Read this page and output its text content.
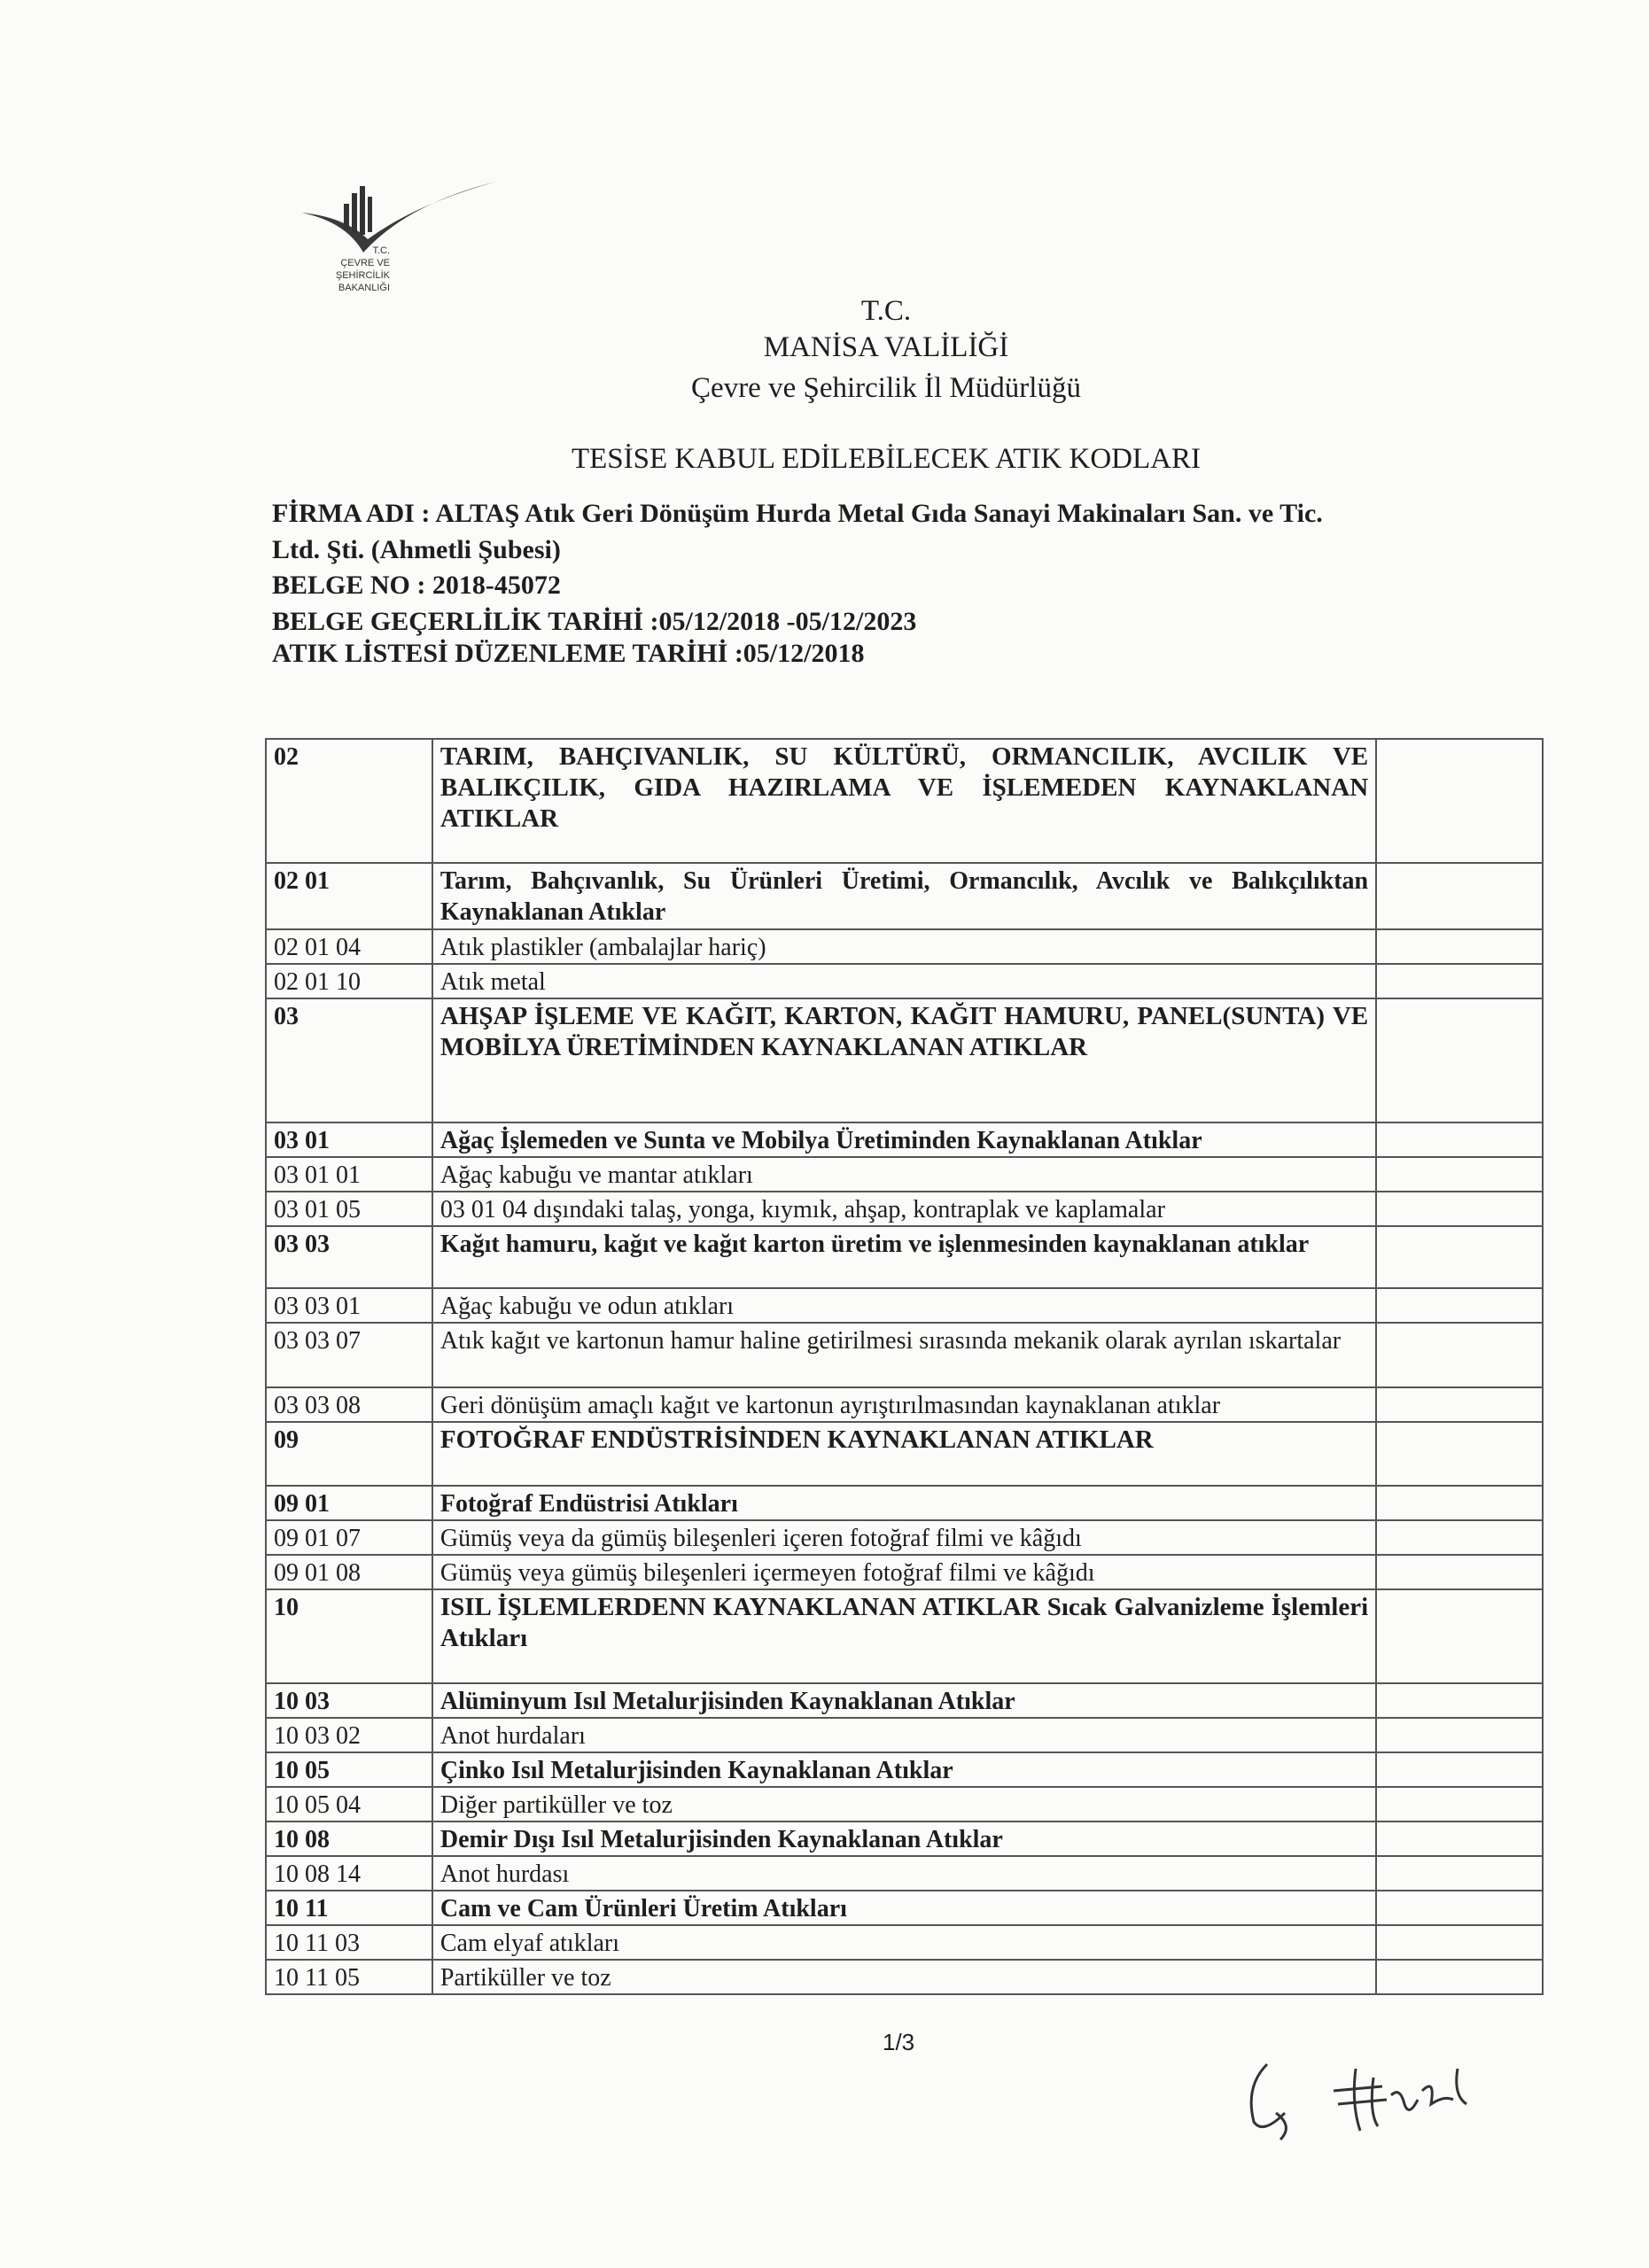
T.C.
ÇEVRE VE ŞEHİRCİLİK
BAKANLIĞI
T.C.
MANİSA VALİLİĞİ
Çevre ve Şehircilik İl Müdürlüğü
TESİSE KABUL EDİLEBİLECEK ATIK KODLARI
FİRMA ADI : ALTAŞ Atık Geri Dönüşüm Hurda Metal Gıda Sanayi Makinaları San. ve Tic.
Ltd. Şti. (Ahmetli Şubesi)
BELGE NO : 2018-45072
BELGE GEÇERLİLİK TARİHİ :05/12/2018 -05/12/2023
ATIK LİSTESİ DÜZENLEME TARİHİ :05/12/2018
02	TARIM, BAHÇIVANLIK, SU KÜLTÜRÜ, ORMANCILIK, AVCILIK VE BALIKÇILIK, GIDA HAZIRLAMA VE İŞLEMEDEN KAYNAKLANAN ATIKLAR	
02 01	Tarım, Bahçıvanlık, Su Ürünleri Üretimi, Ormancılık, Avcılık ve Balıkçılıktan Kaynaklanan Atıklar	
02 01 04	Atık plastikler (ambalajlar hariç)	
02 01 10	Atık metal	
03	AHŞAP İŞLEME VE KAĞIT, KARTON, KAĞIT HAMURU, PANEL(SUNTA) VE MOBİLYA ÜRETİMİNDEN KAYNAKLANAN ATIKLAR	
03 01	Ağaç İşlemeden ve Sunta ve Mobilya Üretiminden Kaynaklanan Atıklar	
03 01 01	Ağaç kabuğu ve mantar atıkları	
03 01 05	03 01 04 dışındaki talaş, yonga, kıymık, ahşap, kontraplak ve kaplamalar	
03 03	Kağıt hamuru, kağıt ve kağıt karton üretim ve işlenmesinden kaynaklanan atıklar	
03 03 01	Ağaç kabuğu ve odun atıkları	
03 03 07	Atık kağıt ve kartonun hamur haline getirilmesi sırasında mekanik olarak ayrılan ıskartalar	
03 03 08	Geri dönüşüm amaçlı kağıt ve kartonun ayrıştırılmasından kaynaklanan atıklar	
09	FOTOĞRAF ENDÜSTRİSİNDEN KAYNAKLANAN ATIKLAR	
09 01	Fotoğraf Endüstrisi Atıkları	
09 01 07	Gümüş veya da gümüş bileşenleri içeren fotoğraf filmi ve kâğıdı	
09 01 08	Gümüş veya gümüş bileşenleri içermeyen fotoğraf filmi ve kâğıdı	
10	ISIL İŞLEMLERDENN KAYNAKLANAN ATIKLAR Sıcak Galvanizleme İşlemleri Atıkları	
10 03	Alüminyum Isıl Metalurjisinden Kaynaklanan Atıklar	
10 03 02	Anot hurdaları	
10 05	Çinko Isıl Metalurjisinden Kaynaklanan Atıklar	
10 05 04	Diğer partiküller ve toz	
10 08	Demir Dışı Isıl Metalurjisinden Kaynaklanan Atıklar	
10 08 14	Anot hurdası	
10 11	Cam ve Cam Ürünleri Üretim Atıkları	
10 11 03	Cam elyaf atıkları	
10 11 05	Partiküller ve toz	
1/3
